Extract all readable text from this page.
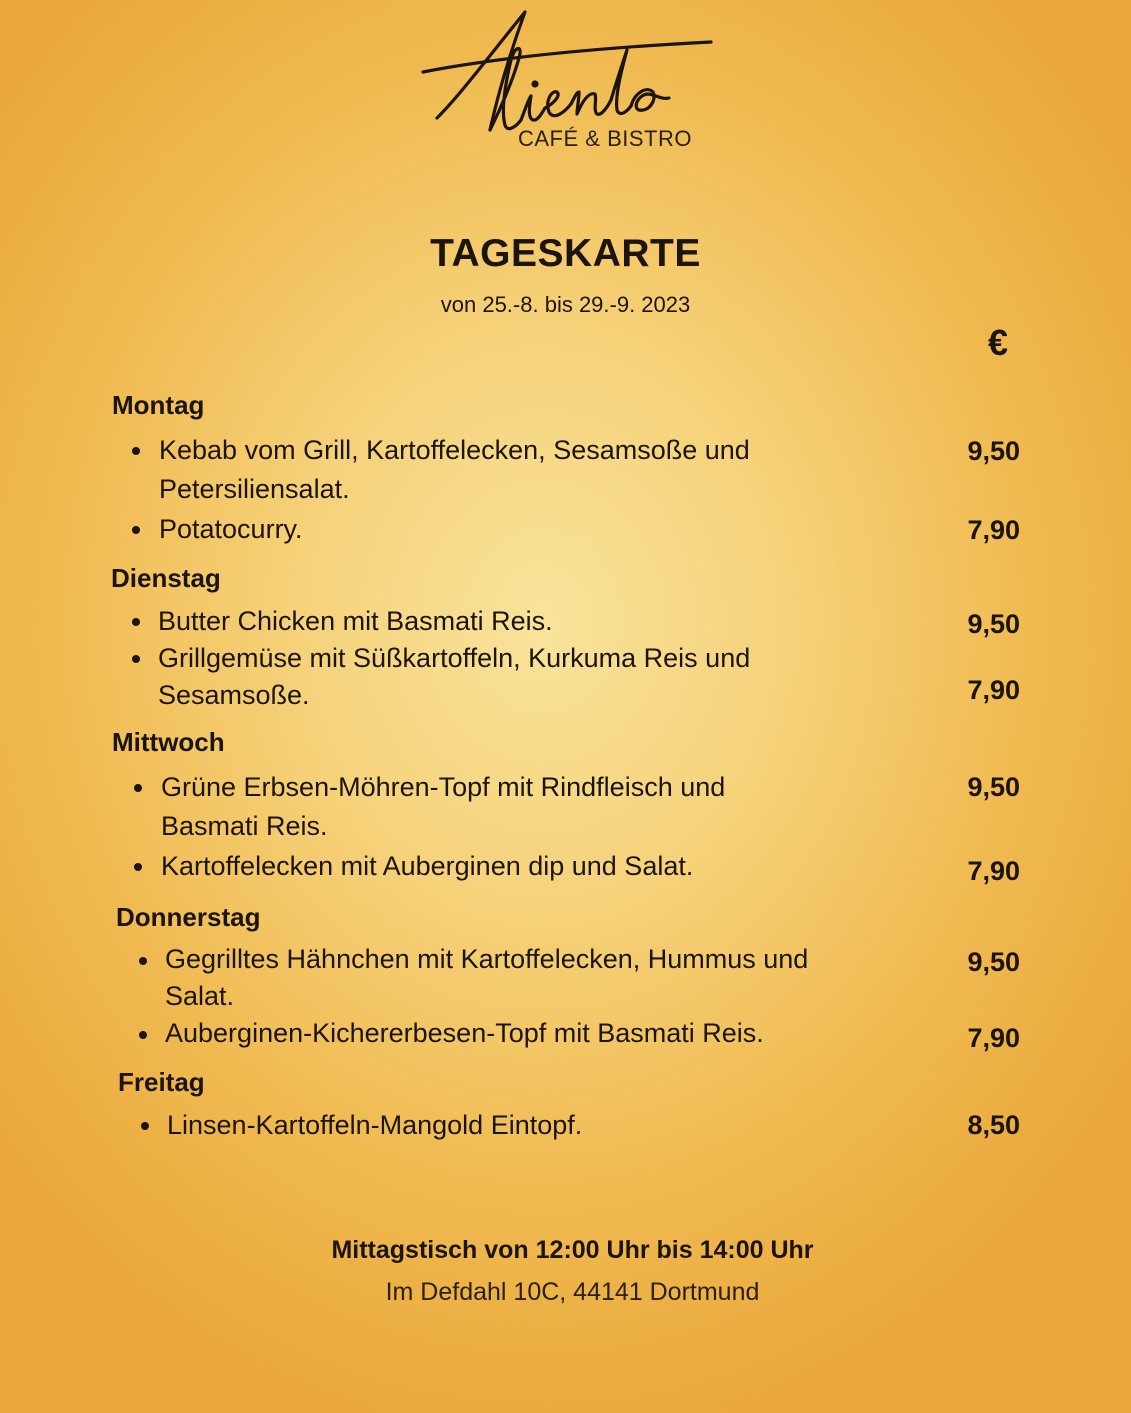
CAFÉ & BISTRO
TAGESKARTE
von 25.-8. bis 29.-9. 2023
€
Montag
Kebab vom Grill, Kartoffelecken, Sesamsoße und
Petersiliensalat.
9,50
Potatocurry.	7,90
Dienstag
Butter Chicken mit Basmati Reis.	9,50
Grillgemüse mit Süßkartoffeln, Kurkuma Reis und
Sesamsoße.	7,90
Mittwoch
Grüne Erbsen-Möhren-Topf mit Rindfleisch und
Basmati Reis.
9,50
Kartoffelecken mit Auberginen dip und Salat.	7,90
Donnerstag
Gegrilltes Hähnchen mit Kartoffelecken, Hummus und
Salat.
9,50
Auberginen-Kichererbesen-Topf mit Basmati Reis.	7,90
Freitag
Linsen-Kartoffeln-Mangold Eintopf.	8,50
Mittagstisch von 12:00 Uhr bis 14:00 Uhr
Im Defdahl 10C, 44141 Dortmund
